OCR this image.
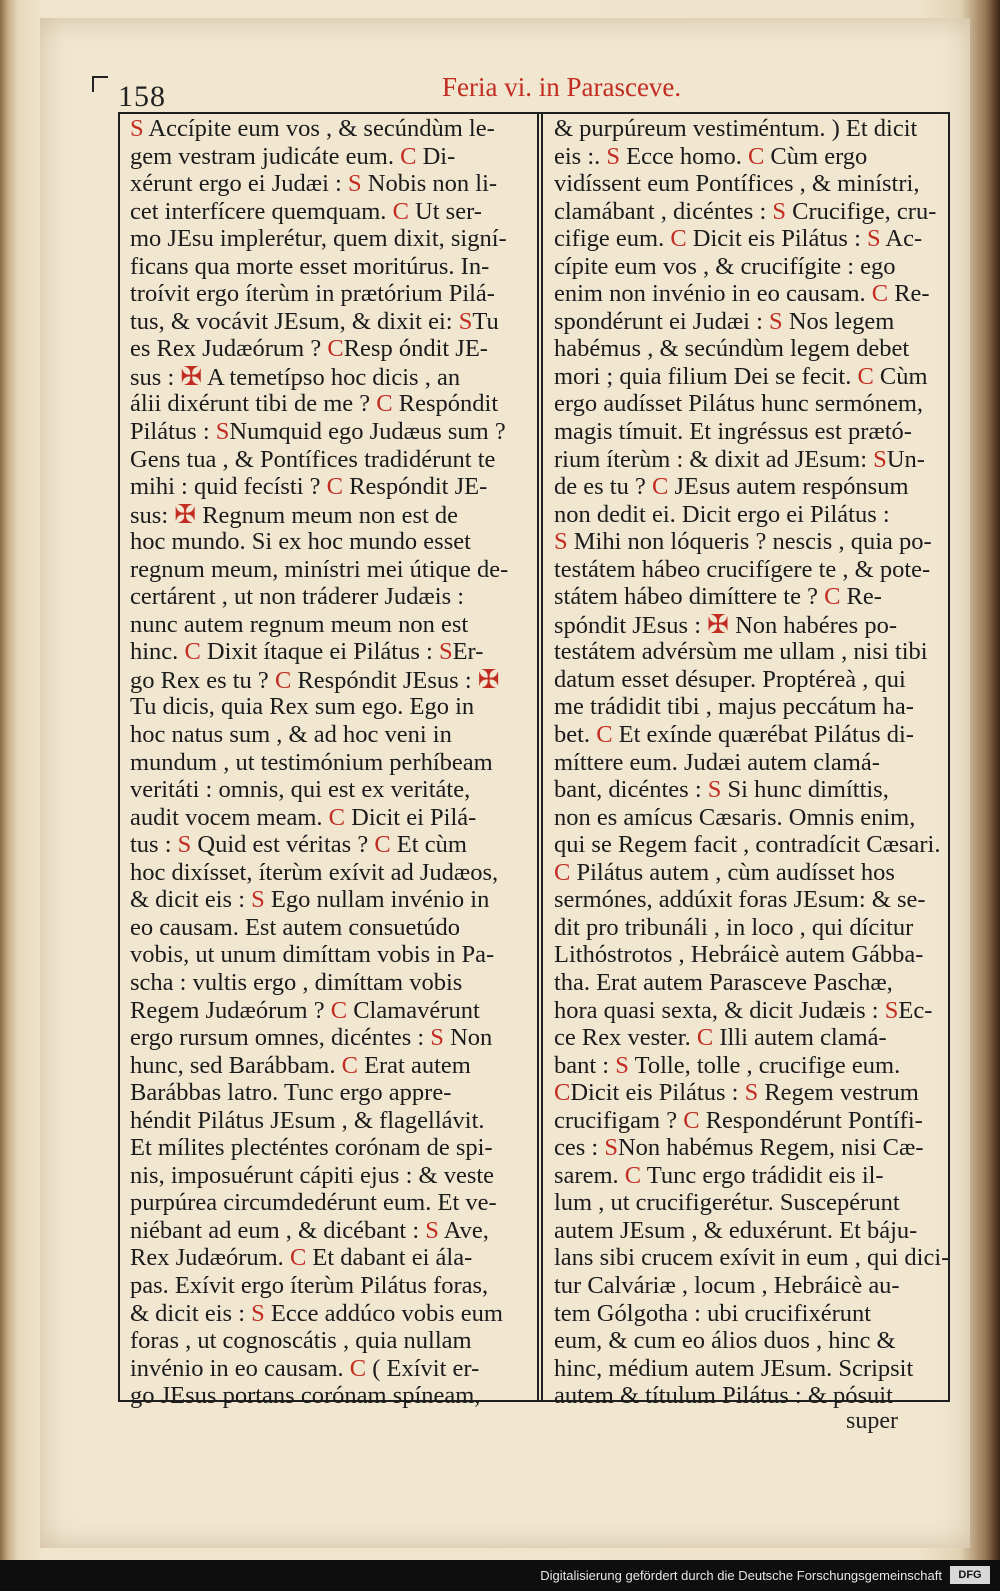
158	Feria vi. in Parasceve.
S Accípite eum vos , & secúndùm le-
gem vestram judicáte eum. C Di-
xérunt ergo ei Judæi : S Nobis non li-
cet interfícere quemquam. C Ut ser-
mo JEsu implerétur, quem dixit, signí-
ficans qua morte esset moritúrus. In-
troívit ergo íterùm in prætórium Pilá-
tus, & vocávit JEsum, & dixit ei: STu
es Rex Judæórum ? CResp óndit JE-
sus : ✠ A temetípso hoc dicis , an
álii dixérunt tibi de me ? C Respóndit
Pilátus : SNumquid ego Judæus sum ?
Gens tua , & Pontífices tradidérunt te
mihi : quid fecísti ? C Respóndit JE-
sus: ✠ Regnum meum non est de
hoc mundo. Si ex hoc mundo esset
regnum meum, minístri mei útique de-
certárent , ut non tráderer Judæis :
nunc autem regnum meum non est
hinc. C Dixit ítaque ei Pilátus : SEr-
go Rex es tu ? C Respóndit JEsus : ✠
Tu dicis, quia Rex sum ego. Ego in
hoc natus sum , & ad hoc veni in
mundum , ut testimónium perhíbeam
veritáti : omnis, qui est ex veritáte,
audit vocem meam. C Dicit ei Pilá-
tus : S Quid est véritas ? C Et cùm
hoc dixísset, íterùm exívit ad Judæos,
& dicit eis : S Ego nullam invénio in
eo causam. Est autem consuetúdo
vobis, ut unum dimíttam vobis in Pa-
scha : vultis ergo , dimíttam vobis
Regem Judæórum ? C Clamavérunt
ergo rursum omnes, dicéntes : S Non
hunc, sed Barábbam. C Erat autem
Barábbas latro. Tunc ergo appre-
héndit Pilátus JEsum , & flagellávit.
Et mílites plecténtes corónam de spi-
nis, imposuérunt cápiti ejus : & veste
purpúrea circumdedérunt eum. Et ve-
niébant ad eum , & dicébant : S Ave,
Rex Judæórum. C Et dabant ei ála-
pas. Exívit ergo íterùm Pilátus foras,
& dicit eis : S Ecce addúco vobis eum
foras , ut cognoscátis , quia nullam
invénio in eo causam. C ( Exívit er-
go JEsus portans corónam spíneam,
& purpúreum vestiméntum. ) Et dicit
eis :. S Ecce homo. C Cùm ergo
vidíssent eum Pontífices , & minístri,
clamábant , dicéntes : S Crucifige, cru-
cifige eum. C Dicit eis Pilátus : S Ac-
cípite eum vos , & crucifígite : ego
enim non invénio in eo causam. C Re-
spondérunt ei Judæi : S Nos legem
habémus , & secúndùm legem debet
mori ; quia filium Dei se fecit. C Cùm
ergo audísset Pilátus hunc sermónem,
magis tímuit. Et ingréssus est prætó-
rium íterùm : & dixit ad JEsum: SUn-
de es tu ? C JEsus autem respónsum
non dedit ei. Dicit ergo ei Pilátus :
S Mihi non lóqueris ? nescis , quia po-
testátem hábeo crucifígere te , & pote-
státem hábeo dimíttere te ? C Re-
spóndit JEsus : ✠ Non habéres po-
testátem advérsùm me ullam , nisi tibi
datum esset désuper. Proptéreà , qui
me trádidit tibi , majus peccátum ha-
bet. C Et exínde quærébat Pilátus di-
míttere eum. Judæi autem clamá-
bant, dicéntes : S Si hunc dimíttis,
non es amícus Cæsaris. Omnis enim,
qui se Regem facit , contradícit Cæsari.
C Pilátus autem , cùm audísset hos
sermónes, addúxit foras JEsum: & se-
dit pro tribunáli , in loco , qui dícitur
Lithóstrotos , Hebráicè autem Gábba-
tha. Erat autem Parasceve Paschæ,
hora quasi sexta, & dicit Judæis : SEc-
ce Rex vester. C Illi autem clamá-
bant : S Tolle, tolle , crucifige eum.
CDicit eis Pilátus : S Regem vestrum
crucifigam ? C Respondérunt Pontífi-
ces : SNon habémus Regem, nisi Cæ-
sarem. C Tunc ergo trádidit eis il-
lum , ut crucifigerétur. Suscepérunt
autem JEsum , & eduxérunt. Et báju-
lans sibi crucem exívit in eum , qui dici-
tur Calváriæ , locum , Hebráicè au-
tem Gólgotha : ubi crucifixérunt
eum, & cum eo álios duos , hinc &
hinc, médium autem JEsum. Scripsit
autem & títulum Pilátus : & pósuit
super
Digitalisierung gefördert durch die Deutsche Forschungsgemeinschaft	DFG
